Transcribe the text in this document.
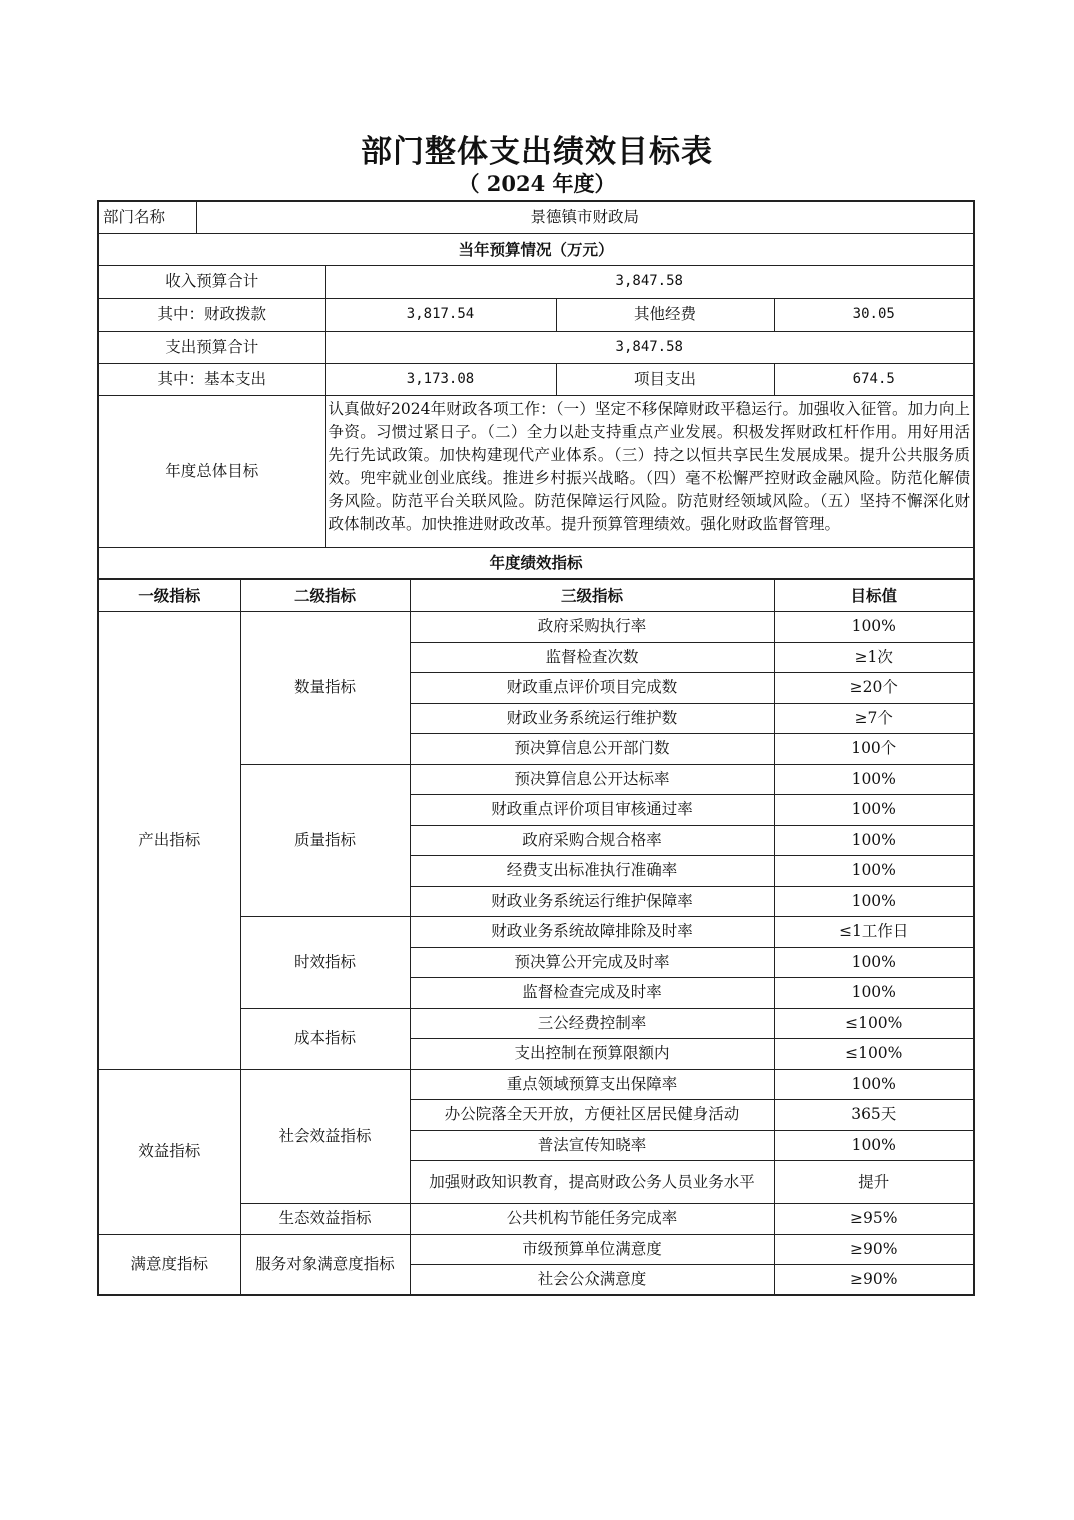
部门整体支出绩效目标表
（ 2024 年度）
部门名称	景德镇市财政局			
当年预算情况（万元）				
收入预算合计		3,847.58		
其中：财政拨款		3,817.54	其他经费	30.05
支出预算合计		3,847.58		
其中：基本支出		3,173.08	项目支出	674.5
年度总体目标		认真做好2024年财政各项工作：（一）坚定不移保障财政平稳运行。加强收入征管。加力向上争资。习惯过紧日子。（二）全力以赴支持重点产业发展。积极发挥财政杠杆作用。用好用活先行先试政策。加快构建现代产业体系。（三）持之以恒共享民生发展成果。提升公共服务质效。兜牢就业创业底线。推进乡村振兴战略。（四）毫不松懈严控财政金融风险。防范化解债务风险。防范平台关联风险。防范保障运行风险。防范财经领域风险。（五）坚持不懈深化财政体制改革。加快推进财政改革。提升预算管理绩效。强化财政监督管理。		
年度绩效指标				
一级指标	二级指标	三级指标	目标值
产出指标	数量指标	政府采购执行率	100%
		监督检查次数	≥1次
		财政重点评价项目完成数	≥20个
		财政业务系统运行维护数	≥7个
		预决算信息公开部门数	100个
	质量指标	预决算信息公开达标率	100%
		财政重点评价项目审核通过率	100%
		政府采购合规合格率	100%
		经费支出标准执行准确率	100%
		财政业务系统运行维护保障率	100%
	时效指标	财政业务系统故障排除及时率	≤1工作日
		预决算公开完成及时率	100%
		监督检查完成及时率	100%
	成本指标	三公经费控制率	≤100%
		支出控制在预算限额内	≤100%
效益指标	社会效益指标	重点领域预算支出保障率	100%
		办公院落全天开放，方便社区居民健身活动	365天
		普法宣传知晓率	100%
		加强财政知识教育，提高财政公务人员业务水平	提升
	生态效益指标	公共机构节能任务完成率	≥95%
满意度指标	服务对象满意度指标	市级预算单位满意度	≥90%
		社会公众满意度	≥90%
